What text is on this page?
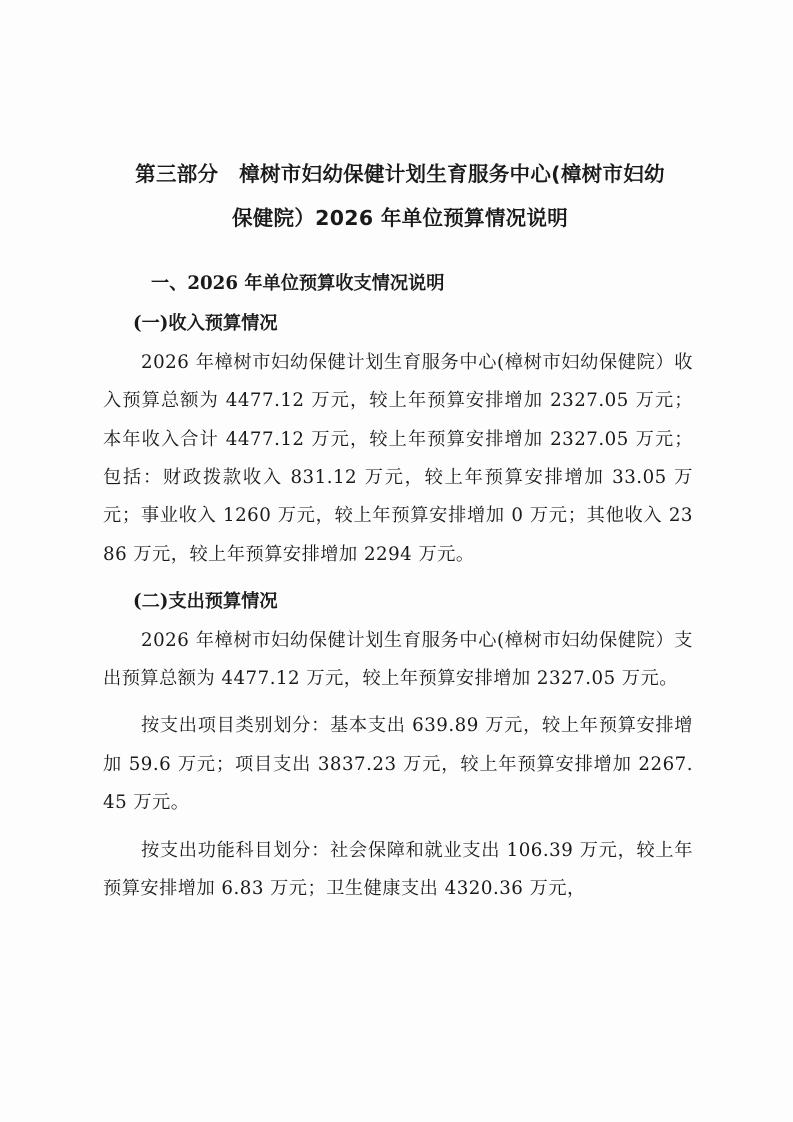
第三部分　樟树市妇幼保健计划生育服务中心(樟树市妇幼
保健院）2026 年单位预算情况说明
一、2026 年单位预算收支情况说明
(一)收入预算情况
2026 年樟树市妇幼保健计划生育服务中心(樟树市妇幼保健院）收入预算总额为 4477.12 万元，较上年预算安排增加 2327.05 万元；本年收入合计 4477.12 万元，较上年预算安排增加 2327.05 万元；包括：财政拨款收入 831.12 万元，较上年预算安排增加 33.05 万元；事业收入 1260 万元，较上年预算安排增加 0 万元；其他收入 2386 万元，较上年预算安排增加 2294 万元。
(二)支出预算情况
2026 年樟树市妇幼保健计划生育服务中心(樟树市妇幼保健院）支出预算总额为 4477.12 万元，较上年预算安排增加 2327.05 万元。
按支出项目类别划分：基本支出 639.89 万元，较上年预算安排增加 59.6 万元；项目支出 3837.23 万元，较上年预算安排增加 2267.45 万元。
按支出功能科目划分：社会保障和就业支出 106.39 万元，较上年预算安排增加 6.83 万元；卫生健康支出 4320.36 万元，
